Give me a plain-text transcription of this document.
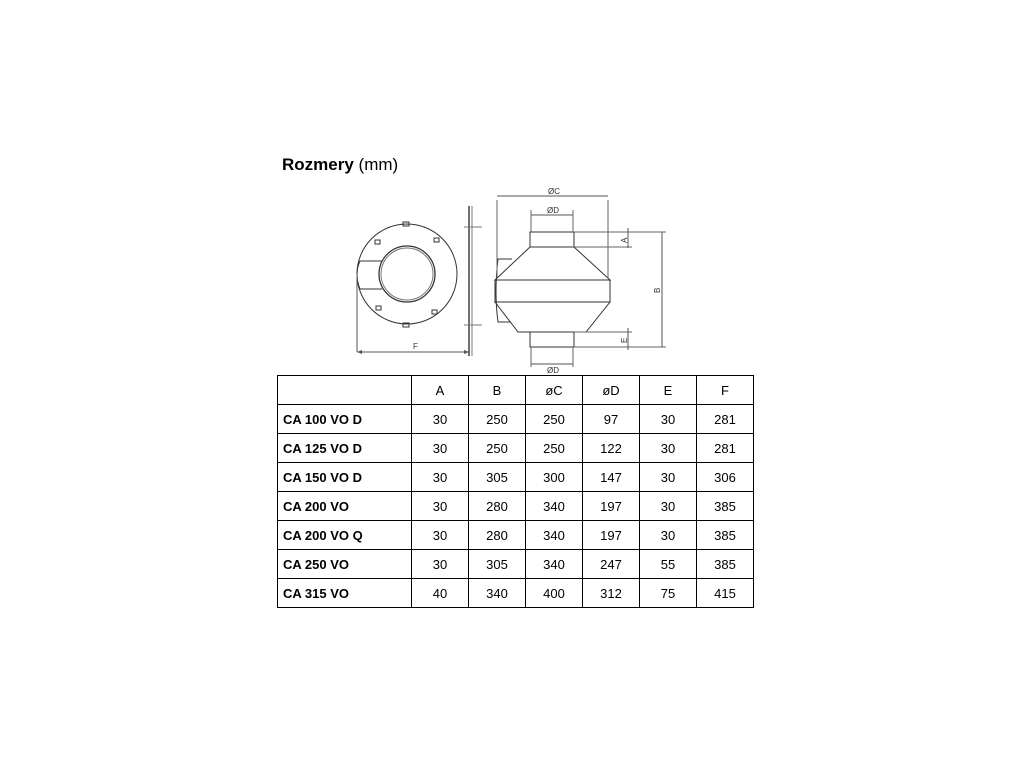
Rozmery (mm)
F
ØC
ØD
ØD
A
B
E
	A	B	øC	øD	E	F
CA 100 VO D	30	250	250	97	30	281
CA 125 VO D	30	250	250	122	30	281
CA 150 VO D	30	305	300	147	30	306
CA 200 VO	30	280	340	197	30	385
CA 200 VO Q	30	280	340	197	30	385
CA 250 VO	30	305	340	247	55	385
CA 315 VO	40	340	400	312	75	415
